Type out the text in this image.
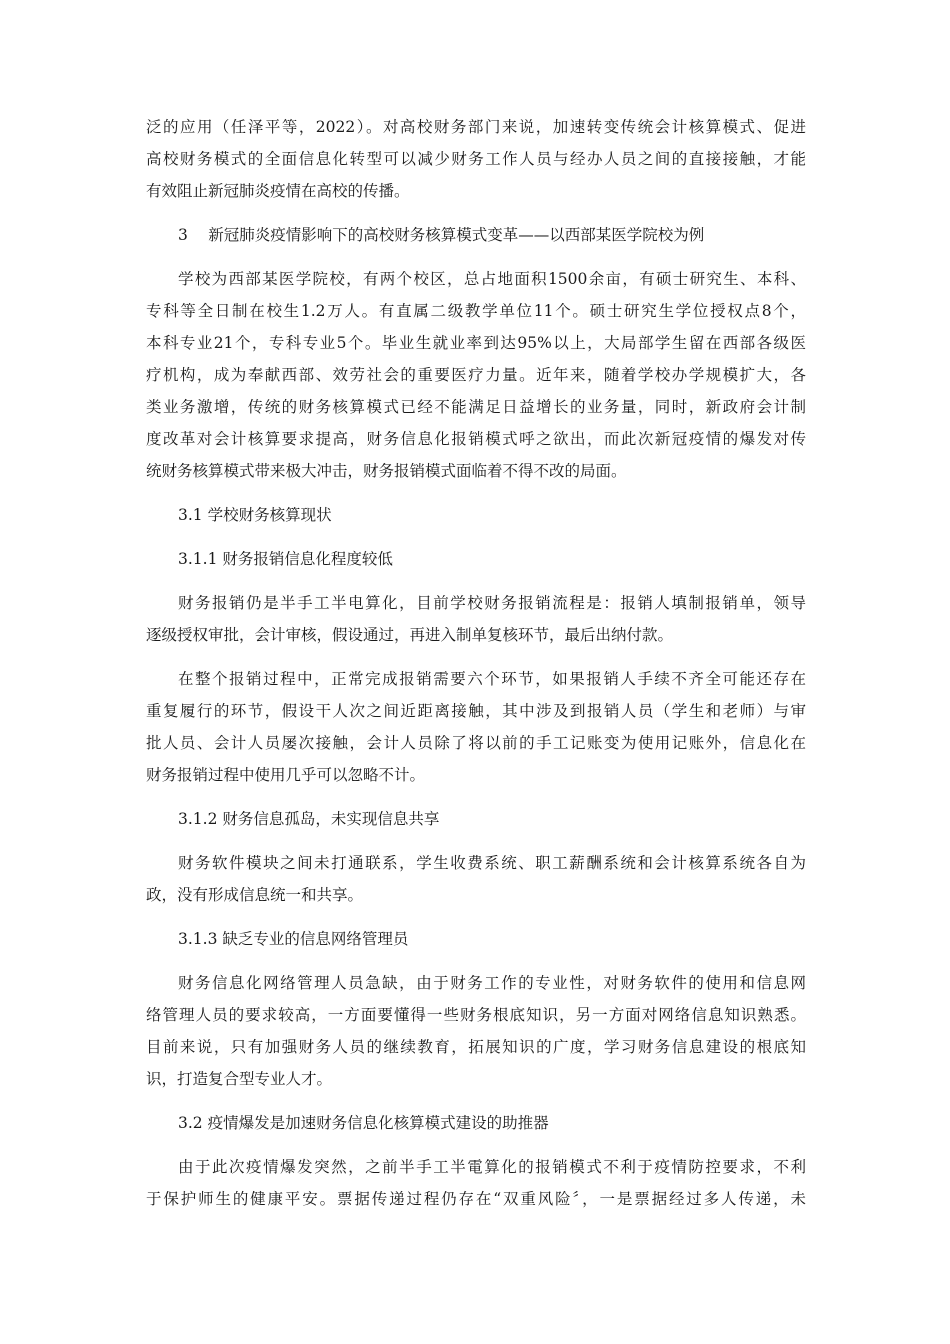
泛的应用（任泽平等，2022）。对高校财务部门来说，加速转变传统会计核算模式、促进
高校财务模式的全面信息化转型可以减少财务工作人员与经办人员之间的直接接触，才能
有效阻止新冠肺炎疫情在高校的传播。
3　 新冠肺炎疫情影响下的高校财务核算模式变革——以西部某医学院校为例
学校为西部某医学院校，有两个校区，总占地面积1500余亩，有硕士研究生、本科、
专科等全日制在校生1.2万人。有直属二级教学单位11个。硕士研究生学位授权点8个，
本科专业21个，专科专业5个。毕业生就业率到达95%以上，大局部学生留在西部各级医
疗机构，成为奉献西部、效劳社会的重要医疗力量。近年来，随着学校办学规模扩大，各
类业务激增，传统的财务核算模式已经不能满足日益增长的业务量，同时，新政府会计制
度改革对会计核算要求提高，财务信息化报销模式呼之欲出，而此次新冠疫情的爆发对传
统财务核算模式带来极大冲击，财务报销模式面临着不得不改的局面。
3.1 学校财务核算现状
3.1.1 财务报销信息化程度较低
财务报销仍是半手工半电算化，目前学校财务报销流程是：报销人填制报销单，领导
逐级授权审批，会计审核，假设通过，再进入制单复核环节，最后出纳付款。
在整个报销过程中，正常完成报销需要六个环节，如果报销人手续不齐全可能还存在
重复履行的环节，假设干人次之间近距离接触，其中涉及到报销人员（学生和老师）与审
批人员、会计人员屡次接触，会计人员除了将以前的手工记账变为使用记账外，信息化在
财务报销过程中使用几乎可以忽略不计。
3.1.2 财务信息孤岛，未实现信息共享
财务软件模块之间未打通联系，学生收费系统、职工薪酬系统和会计核算系统各自为
政，没有形成信息统一和共享。
3.1.3 缺乏专业的信息网络管理员
财务信息化网络管理人员急缺，由于财务工作的专业性，对财务软件的使用和信息网
络管理人员的要求较高，一方面要懂得一些财务根底知识，另一方面对网络信息知识熟悉。
目前来说，只有加强财务人员的继续教育，拓展知识的广度，学习财务信息建设的根底知
识，打造复合型专业人才。
3.2 疫情爆发是加速财务信息化核算模式建设的助推器
由于此次疫情爆发突然，之前半手工半電算化的报销模式不利于疫情防控要求，不利
于保护师生的健康平安。票据传递过程仍存在“双重风险〞，一是票据经过多人传递，未
